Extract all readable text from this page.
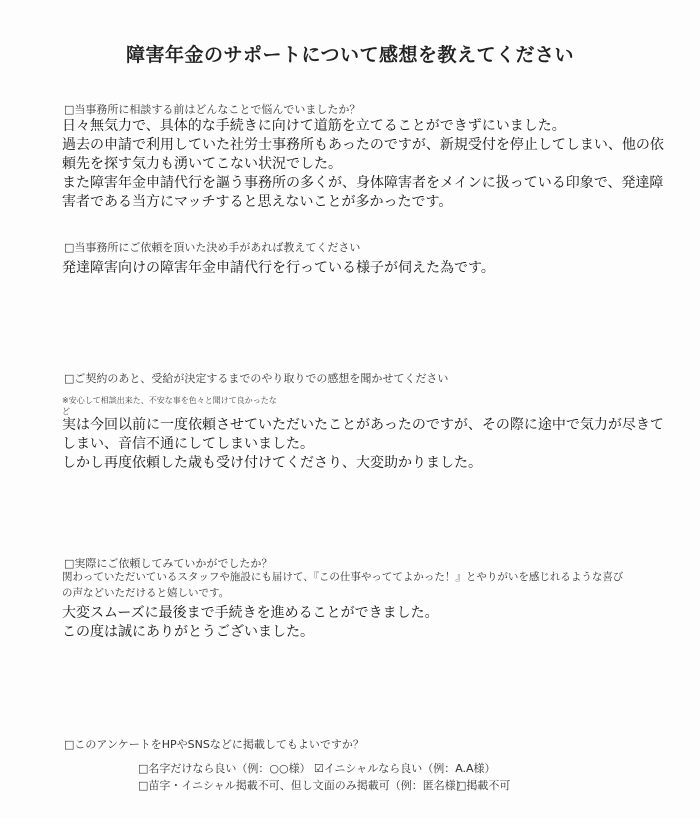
障害年金のサポートについて感想を教えてください
□当事務所に相談する前はどんなことで悩んでいましたか？
日々無気力で、具体的な手続きに向けて道筋を立てることができずにいました。
過去の申請で利用していた社労士事務所もあったのですが、新規受付を停止してしまい、他の依
頼先を探す気力も湧いてこない状況でした。
また障害年金申請代行を謳う事務所の多くが、身体障害者をメインに扱っている印象で、発達障
害者である当方にマッチすると思えないことが多かったです。
□当事務所にご依頼を頂いた決め手があれば教えてください
発達障害向けの障害年金申請代行を行っている様子が伺えた為です。
□ご契約のあと、受給が決定するまでのやり取りでの感想を聞かせてください
※安心して相談出来た、不安な事を色々と聞けて良かったな
ど
実は今回以前に一度依頼させていただいたことがあったのですが、その際に途中で気力が尽きて
しまい、音信不通にしてしまいました。
しかし再度依頼した歳も受け付けてくださり、大変助かりました。
□実際にご依頼してみていかがでしたか？
関わっていただいているスタッフや施設にも届けて、『この仕事やっててよかった！』とやりがいを感じれるような喜び
の声などいただけると嬉しいです。
大変スムーズに最後まで手続きを進めることができました。
この度は誠にありがとうございました。
□このアンケートをHPやSNSなどに掲載してもよいですか？
□名字だけなら良い（例：○○様） ☑イニシャルなら良い（例：A.A様）
□苗字・イニシャル掲載不可、但し文面のみ掲載可（例：匿名様）
□掲載不可
